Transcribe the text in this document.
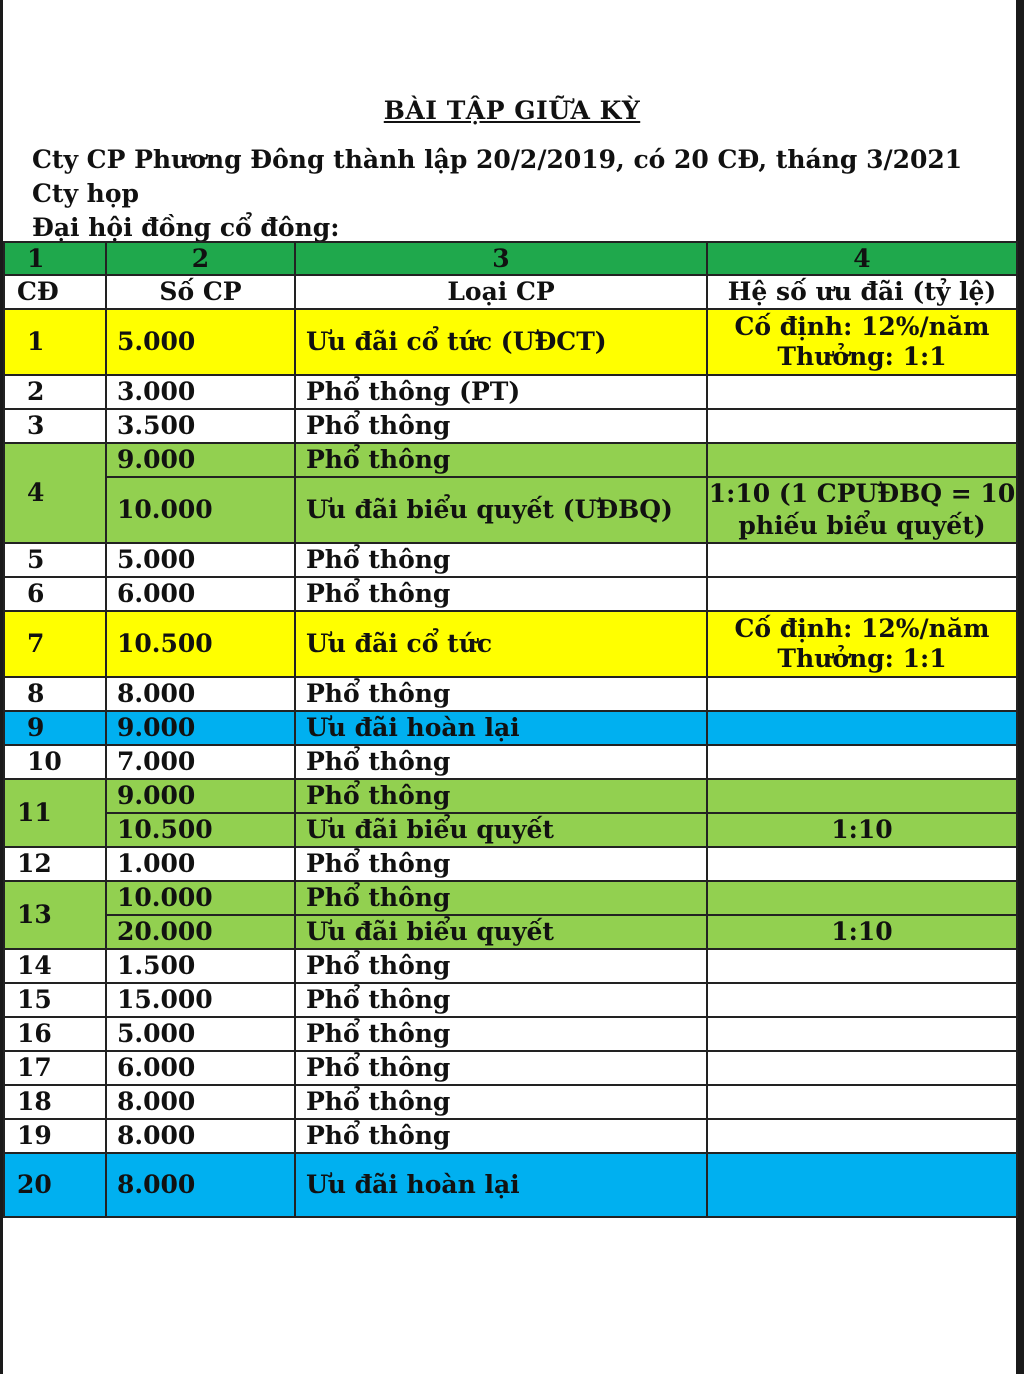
BÀI TẬP GIỮA KỲ
Cty CP Phương Đông thành lập 20/2/2019, có 20 CĐ, tháng 3/2021 Cty họp
Đại hội đồng cổ đông:
1	2	3	4
CĐ	Số CP	Loại CP	Hệ số ưu đãi (tỷ lệ)
1	5.000	Ưu đãi cổ tức (ƯĐCT)	Cố định: 12%/năm
Thưởng: 1:1

2	3.000	Phổ thông (PT)	
3	3.500	Phổ thông	
4	9.000	Phổ thông	
	10.000	Ưu đãi biểu quyết (ƯĐBQ)	1:10 (1 CPƯĐBQ = 10 phiếu biểu quyết)
5	5.000	Phổ thông	
6	6.000	Phổ thông	
7	10.500	Ưu đãi cổ tức	Cố định: 12%/năm
Thưởng: 1:1

8	8.000	Phổ thông	
9	9.000	Ưu đãi hoàn lại	
10	7.000	Phổ thông	
11	9.000	Phổ thông	
	10.500	Ưu đãi biểu quyết	1:10
12	1.000	Phổ thông	
13	10.000	Phổ thông	
	20.000	Ưu đãi biểu quyết	1:10
14	1.500	Phổ thông	
15	15.000	Phổ thông	
16	5.000	Phổ thông	
17	6.000	Phổ thông	
18	8.000	Phổ thông	
19	8.000	Phổ thông	
20	8.000	Ưu đãi hoàn lại	
